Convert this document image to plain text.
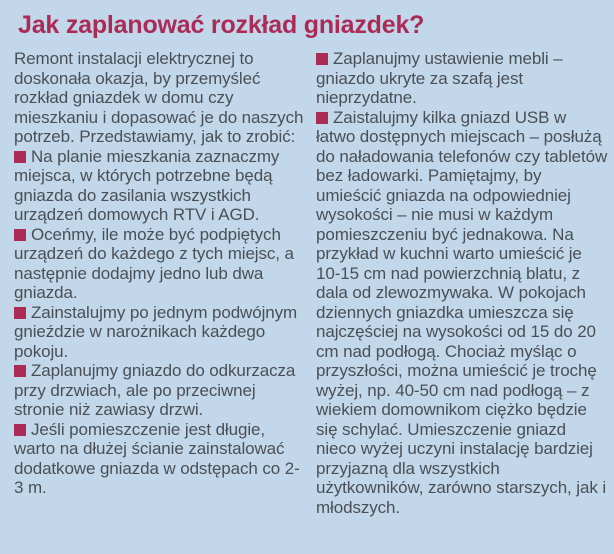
Jak zaplanować rozkład gniazdek?

Remont instalacji elektrycznej to doskonała okazja, by przemyśleć rozkład gniazdek w domu czy mieszkaniu i dopasować je do naszych potrzeb. Przedstawiamy, jak to zrobić:

Na planie mieszkania zaznaczmy miejsca, w których potrzebne będą gniazda do zasilania wszystkich urządzeń domowych RTV i AGD.

Oceńmy, ile może być podpiętych urządzeń do każdego z tych miejsc, a następnie dodajmy jedno lub dwa gniazda.

Zainstalujmy po jednym podwójnym gnieździe w narożnikach każdego pokoju.

Zaplanujmy gniazdo do odkurzacza przy drzwiach, ale po przeciwnej stronie niż zawiasy drzwi.

Jeśli pomieszczenie jest długie, warto na dłużej ścianie zainstalować dodatkowe gniazda w odstępach co 2-3 m.

Zaplanujmy ustawienie mebli – gniazdo ukryte za szafą jest nieprzydatne.

Zaistalujmy kilka gniazd USB w łatwo dostępnych miejscach – posłużą do naładowania telefonów czy tabletów bez ładowarki. Pamiętajmy, by umieścić gniazda na odpowiedniej wysokości – nie musi w każdym pomieszczeniu być jednakowa. Na przykład w kuchni warto umieścić je 10-15 cm nad powierzchnią blatu, z dala od zlewozmywaka. W pokojach dziennych gniazdka umieszcza się najczęściej na wysokości od 15 do 20 cm nad podłogą. Chociaż myśląc o przyszłości, można umieścić je trochę wyżej, np. 40-50 cm nad podłogą – z wiekiem domownikom ciężko będzie się schylać. Umieszczenie gniazd nieco wyżej uczyni instalację bardziej przyjazną dla wszystkich użytkowników, zarówno starszych, jak i młodszych.
